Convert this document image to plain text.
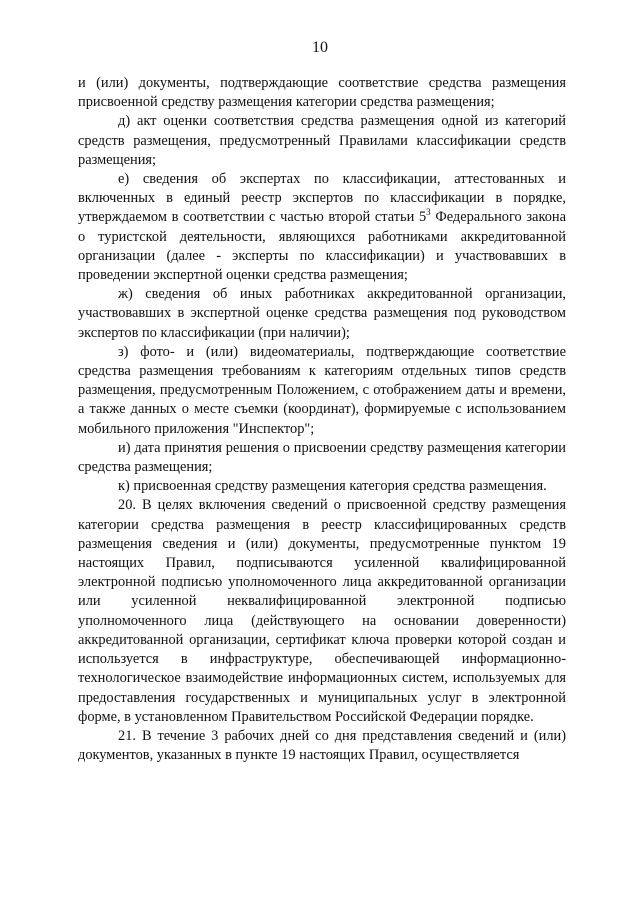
10

и (или) документы, подтверждающие соответствие средства размещения присвоенной средству размещения категории средства размещения;

д) акт оценки соответствия средства размещения одной из категорий средств размещения, предусмотренный Правилами классификации средств размещения;

е) сведения об экспертах по классификации, аттестованных и включенных в единый реестр экспертов по классификации в порядке, утверждаемом в соответствии с частью второй статьи $5^3$ Федерального закона о туристской деятельности, являющихся работниками аккредитованной организации (далее - эксперты по классификации) и участвовавших в проведении экспертной оценки средства размещения;

ж) сведения об иных работниках аккредитованной организации, участвовавших в экспертной оценке средства размещения под руководством экспертов по классификации (при наличии);

з) фото- и (или) видеоматериалы, подтверждающие соответствие средства размещения требованиям к категориям отдельных типов средств размещения, предусмотренным Положением, с отображением даты и времени, а также данных о месте съемки (координат), формируемые с использованием мобильного приложения "Инспектор";

и) дата принятия решения о присвоении средству размещения категории средства размещения;

к) присвоенная средству размещения категория средства размещения.

20. В целях включения сведений о присвоенной средству размещения категории средства размещения в реестр классифицированных средств размещения сведения и (или) документы, предусмотренные пунктом 19 настоящих Правил, подписываются усиленной квалифицированной электронной подписью уполномоченного лица аккредитованной организации или усиленной неквалифицированной электронной подписью уполномоченного лица (действующего на основании доверенности) аккредитованной организации, сертификат ключа проверки которой создан и используется в инфраструктуре, обеспечивающей информационно-технологическое взаимодействие информационных систем, используемых для предоставления государственных и муниципальных услуг в электронной форме, в установленном Правительством Российской Федерации порядке.

21. В течение 3 рабочих дней со дня представления сведений и (или) документов, указанных в пункте 19 настоящих Правил, осуществляется
